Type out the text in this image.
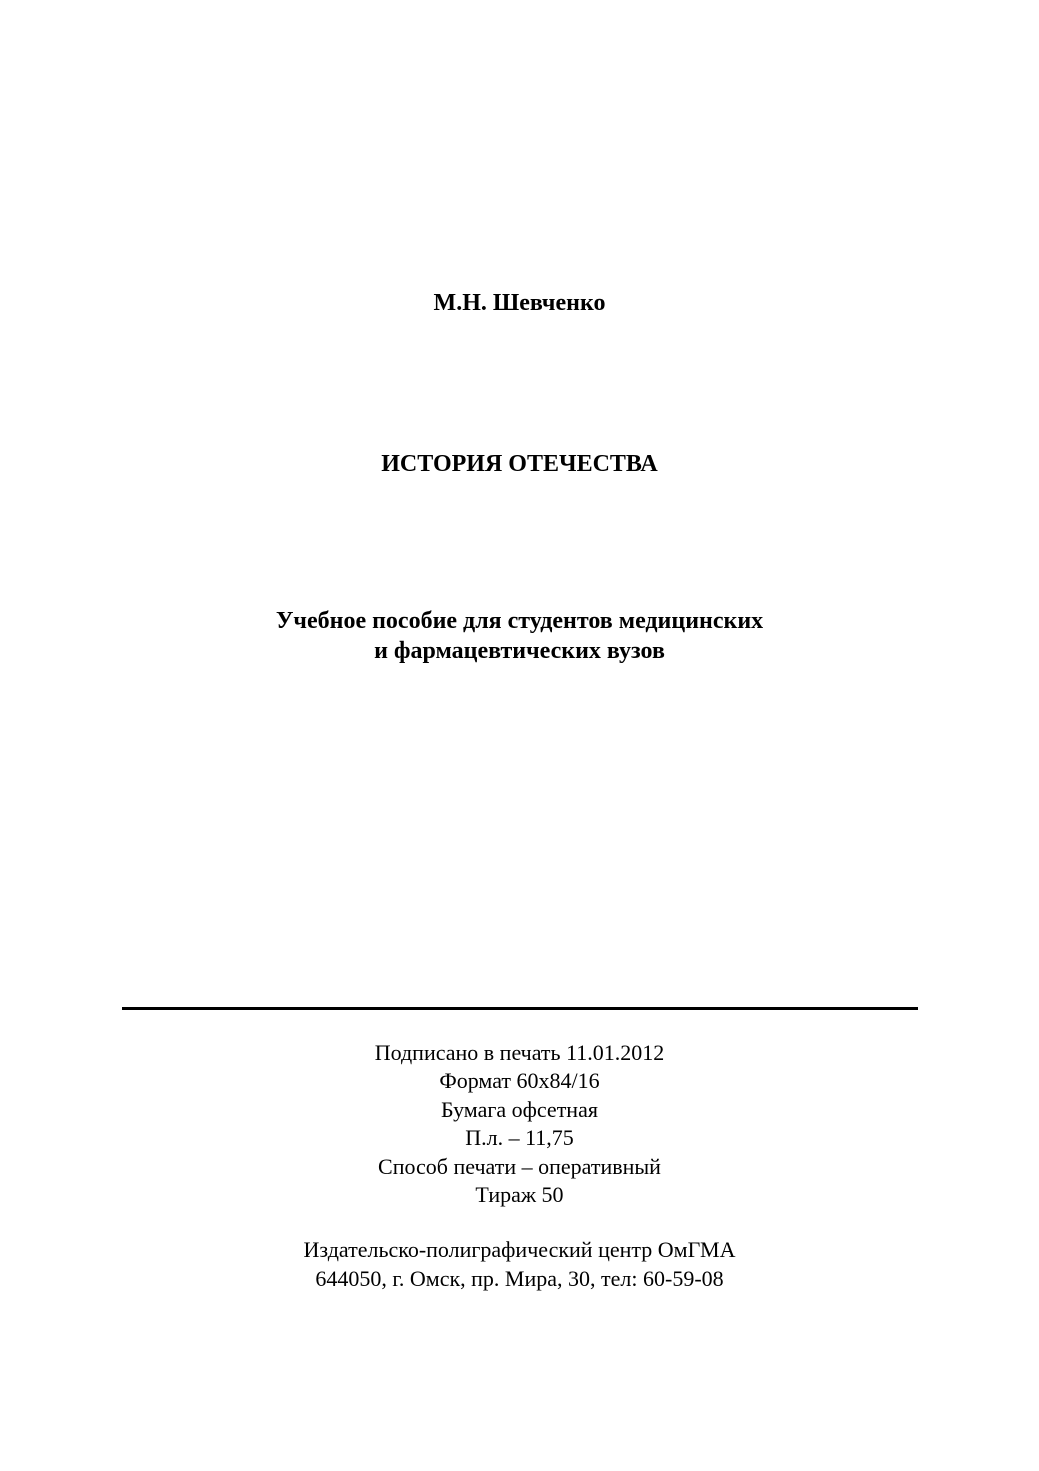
М.Н. Шевченко
ИСТОРИЯ ОТЕЧЕСТВА
Учебное пособие для студентов медицинских
и фармацевтических вузов
Подписано в печать 11.01.2012
Формат 60х84/16
Бумага офсетная
П.л. – 11,75
Способ печати – оперативный
Тираж 50
Издательско-полиграфический центр ОмГМА
644050, г. Омск, пр. Мира, 30, тел: 60-59-08
